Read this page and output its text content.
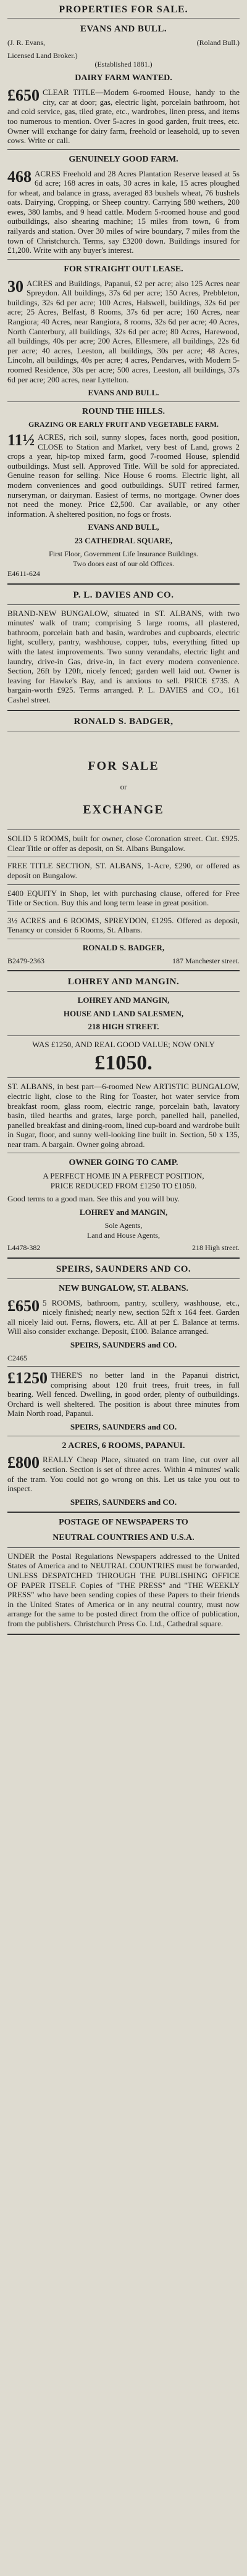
PROPERTIES FOR SALE.
EVANS AND BULL.
(J. R. Evans,	(Roland Bull.)
Licensed Land Broker.)
(Established 1881.)
DAIRY FARM WANTED.

£650 CLEAR TITLE—Modern 6-roomed House, handy to the city, car at door; gas, electric light, porcelain bathroom, hot and cold service, gas, tiled grate, etc., wardrobes, linen press, and items too numerous to mention. Over 5-acres in good garden, fruit trees, etc. Owner will exchange for dairy farm, freehold or leasehold, up to seven cows. Write or call.

GENUINELY GOOD FARM.

468 ACRES Freehold and 28 Acres Plantation Reserve leased at 5s 6d acre; 168 acres in oats, 30 acres in kale, 15 acres ploughed for wheat, and balance in grass, averaged 83 bushels wheat, 76 bushels oats. Dairying, Cropping, or Sheep country. Carrying 580 wethers, 200 ewes, 380 lambs, and 9 head cattle. Modern 5-roomed house and good outbuildings, also shearing machine; 15 miles from town, 6 from railyards and station. Over 30 miles of wire boundary, 7 miles from the town of Christchurch. Terms, say £3200 down. Buildings insured for £1,200. Write with any buyer's interest.

FOR STRAIGHT OUT LEASE.

30 ACRES and Buildings, Papanui, £2 per acre; also 125 Acres near Spreydon. All buildings, 37s 6d per acre; 150 Acres, Prebbleton, buildings, 32s 6d per acre; 100 Acres, Halswell, buildings, 32s 6d per acre; 25 Acres, Belfast, 8 Rooms, 37s 6d per acre; 160 Acres, near Rangiora; 40 Acres, near Rangiora, 8 rooms, 32s 6d per acre; 40 Acres, North Canterbury, all buildings, 32s 6d per acre; 80 Acres, Harewood, all buildings, 40s per acre; 200 Acres, Ellesmere, all buildings, 22s 6d per acre; 40 acres, Leeston, all buildings, 30s per acre; 48 Acres, Lincoln, all buildings, 40s per acre; 4 acres, Pendarves, with Modern 5-roomed Residence, 30s per acre; 500 acres, Leeston, all buildings, 37s 6d per acre; 200 acres, near Lyttelton.

EVANS AND BULL.
ROUND THE HILLS.
GRAZING OR EARLY FRUIT AND VEGETABLE FARM.

11½ ACRES, rich soil, sunny slopes, faces north, good position, CLOSE to Station and Market, very best of Land, grows 2 crops a year, hip-top mixed farm, good 7-roomed House, splendid outbuildings. Must sell. Approved Title. Will be sold for appreciated. Genuine reason for selling. Nice House 6 rooms. Electric light, all modern conveniences and good outbuildings. SUIT retired farmer, nurseryman, or dairyman. Easiest of terms, no mortgage. Owner does not need the money. Price £2,500. Car available, or any other information. A sheltered position, no fogs or frosts.

EVANS AND BULL,
23 CATHEDRAL SQUARE,
First Floor, Government Life Insurance Buildings.
Two doors east of our old Offices.
E4611-624
P. L. DAVIES AND CO.

BRAND-NEW BUNGALOW, situated in ST. ALBANS, with two minutes' walk of tram; comprising 5 large rooms, all plastered, bathroom, porcelain bath and basin, wardrobes and cupboards, electric light, scullery, pantry, washhouse, copper, tubs, everything fitted up with the latest improvements. Two sunny verandahs, electric light and laundry, drive-in Gas, drive-in, in fact every modern convenience. Section, 26ft by 120ft, nicely fenced; garden well laid out. Owner is leaving for Hawke's Bay, and is anxious to sell. PRICE £735. A bargain-worth £925. Terms arranged. P. L. DAVIES and CO., 161 Cashel street.

RONALD S. BADGER,
FOR SALE
or
EXCHANGE

SOLID 5 ROOMS, built for owner, close Coronation street. Cut. £925. Clear Title or offer as deposit, on St. Albans Bungalow.

FREE TITLE SECTION, ST. ALBANS, 1-Acre, £290, or offered as deposit on Bungalow.

£400 EQUITY in Shop, let with purchasing clause, offered for Free Title or Section. Buy this and long term lease in great position.

3½ ACRES and 6 ROOMS, SPREYDON, £1295. Offered as deposit, Tenancy or consider 6 Rooms, St. Albans.

RONALD S. BADGER,
B2479-2363	187 Manchester street.
LOHREY AND MANGIN.
LOHREY AND MANGIN,
HOUSE AND LAND SALESMEN,
218 HIGH STREET.
WAS £1250, AND REAL GOOD VALUE; NOW ONLY
£1050.

ST. ALBANS, in best part—6-roomed New ARTISTIC BUNGALOW, electric light, close to the Ring for Toaster, hot water service from breakfast room, glass room, electric range, porcelain bath, lavatory basin, tiled hearths and grates, large porch, panelled hall, panelled, panelled breakfast and dining-room, lined cup-board and wardrobe built in Sugar, floor, and sunny well-looking line built in. Section, 50 x 135, near tram. A bargain. Owner going abroad.

OWNER GOING TO CAMP.
A PERFECT HOME IN A PERFECT POSITION,
PRICE REDUCED FROM £1250 TO £1050.

Good terms to a good man. See this and you will buy.

LOHREY and MANGIN,
Sole Agents,
Land and House Agents,
L4478-382	218 High street.
SPEIRS, SAUNDERS AND CO.
NEW BUNGALOW, ST. ALBANS.

£650 5 ROOMS, bathroom, pantry, scullery, washhouse, etc., nicely finished; nearly new, section 52ft x 164 feet. Garden all nicely laid out. Ferns, flowers, etc. All at per £. Balance at terms. Will also consider exchange. Deposit, £100. Balance arranged.

SPEIRS, SAUNDERS and CO.
C2465

£1250 THERE'S no better land in the Papanui district, comprising about 120 fruit trees, fruit trees, in full bearing. Well fenced. Dwelling, in good order, plenty of outbuildings. Orchard is well sheltered. The position is about three minutes from Main North road, Papanui.

SPEIRS, SAUNDERS and CO.
2 ACRES, 6 ROOMS, PAPANUI.

£800 REALLY Cheap Place, situated on tram line, cut over all section. Section is set of three acres. Within 4 minutes' walk of the tram. You could not go wrong on this. Let us take you out to inspect.

SPEIRS, SAUNDERS and CO.
POSTAGE OF NEWSPAPERS TO
NEUTRAL COUNTRIES AND U.S.A.

UNDER the Postal Regulations Newspapers addressed to the United States of America and to NEUTRAL COUNTRIES must be forwarded, UNLESS DESPATCHED THROUGH THE PUBLISHING OFFICE OF PAPER ITSELF. Copies of "THE PRESS" and "THE WEEKLY PRESS" who have been sending copies of these Papers to their friends in the United States of America or in any neutral country, must now arrange for the same to be posted direct from the office of publication, from the publishers. Christchurch Press Co. Ltd., Cathedral square.
